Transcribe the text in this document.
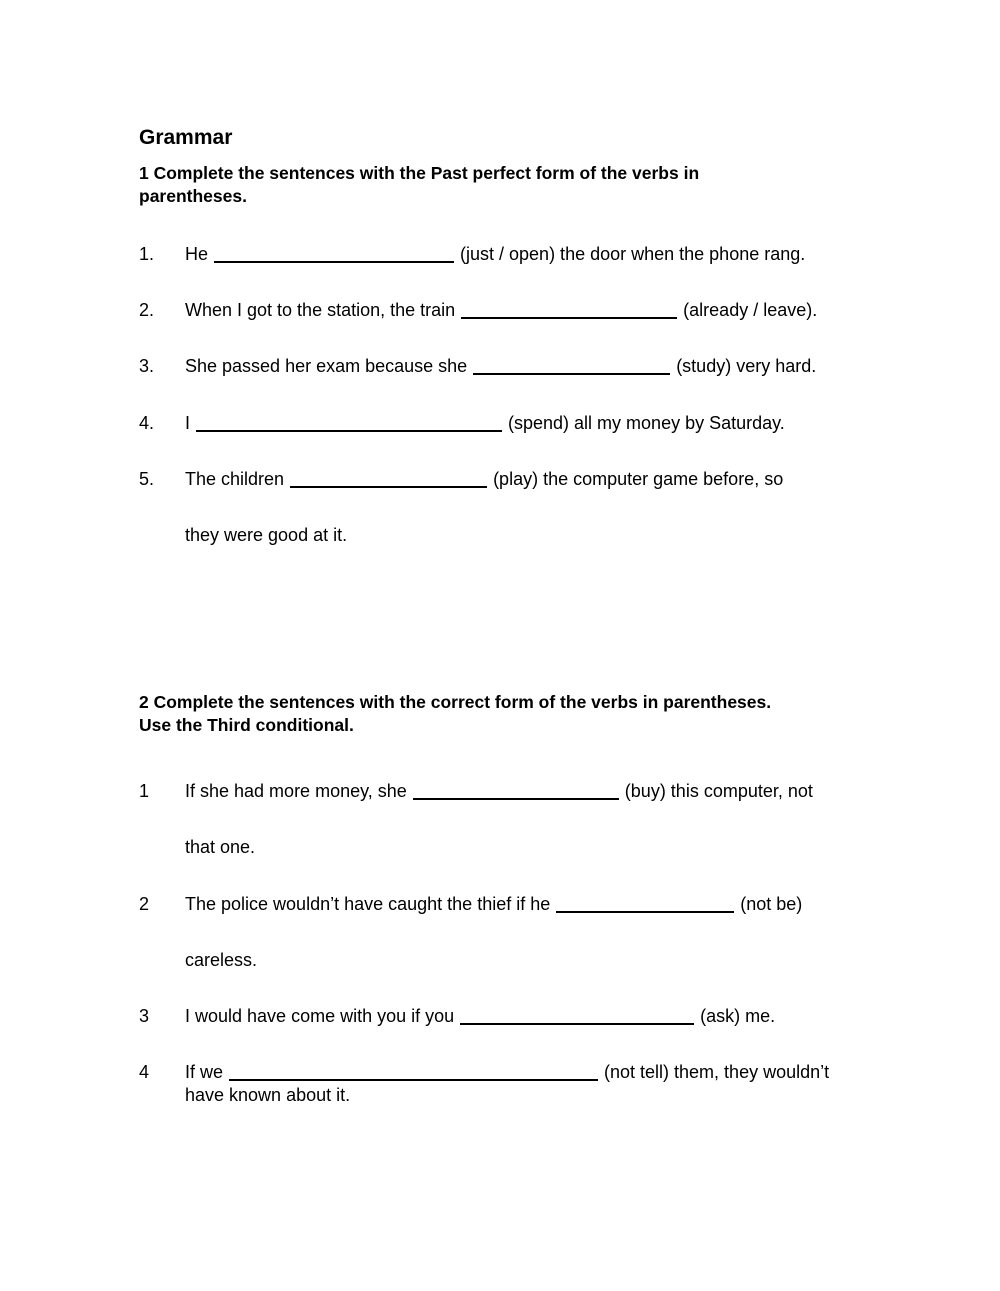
Grammar
1 Complete the sentences with the Past perfect form of the verbs in
parentheses.
1. He	(just / open) the door when the phone rang.
2. When I got to the station, the train	(already / leave).
3. She passed her exam because she	(study) very hard.
4. I	(spend) all my money by Saturday.
5. The children	(play) the computer game before, so
they were good at it.
2 Complete the sentences with the correct form of the verbs in parentheses.
Use the Third conditional.
1 If she had more money, she	(buy) this computer, not
that one.
2 The police wouldn’t have caught the thief if he	(not be)
careless.
3 I would have come with you if you	(ask) me.
4 If we	(not tell) them, they wouldn’t
have known about it.
